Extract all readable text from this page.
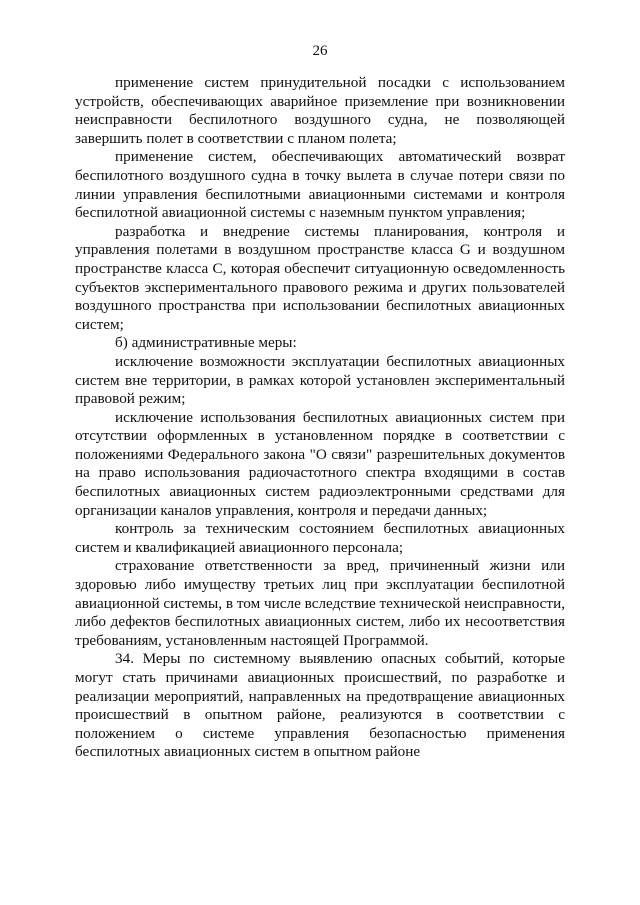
26

применение систем принудительной посадки с использованием устройств, обеспечивающих аварийное приземление при возникновении неисправности беспилотного воздушного судна, не позволяющей завершить полет в соответствии с планом полета;

применение систем, обеспечивающих автоматический возврат беспилотного воздушного судна в точку вылета в случае потери связи по линии управления беспилотными авиационными системами и контроля беспилотной авиационной системы с наземным пунктом управления;

разработка и внедрение системы планирования, контроля и управления полетами в воздушном пространстве класса G и воздушном пространстве класса С, которая обеспечит ситуационную осведомленность субъектов экспериментального правового режима и других пользователей воздушного пространства при использовании беспилотных авиационных систем;

б) административные меры:

исключение возможности эксплуатации беспилотных авиационных систем вне территории, в рамках которой установлен экспериментальный правовой режим;

исключение использования беспилотных авиационных систем при отсутствии оформленных в установленном порядке в соответствии с положениями Федерального закона "О связи" разрешительных документов на право использования радиочастотного спектра входящими в состав беспилотных авиационных систем радиоэлектронными средствами для организации каналов управления, контроля и передачи данных;

контроль за техническим состоянием беспилотных авиационных систем и квалификацией авиационного персонала;

страхование ответственности за вред, причиненный жизни или здоровью либо имуществу третьих лиц при эксплуатации беспилотной авиационной системы, в том числе вследствие технической неисправности, либо дефектов беспилотных авиационных систем, либо их несоответствия требованиям, установленным настоящей Программой.

34. Меры по системному выявлению опасных событий, которые могут стать причинами авиационных происшествий, по разработке и реализации мероприятий, направленных на предотвращение авиационных происшествий в опытном районе, реализуются в соответствии с положением о системе управления безопасностью применения беспилотных авиационных систем в опытном районе
